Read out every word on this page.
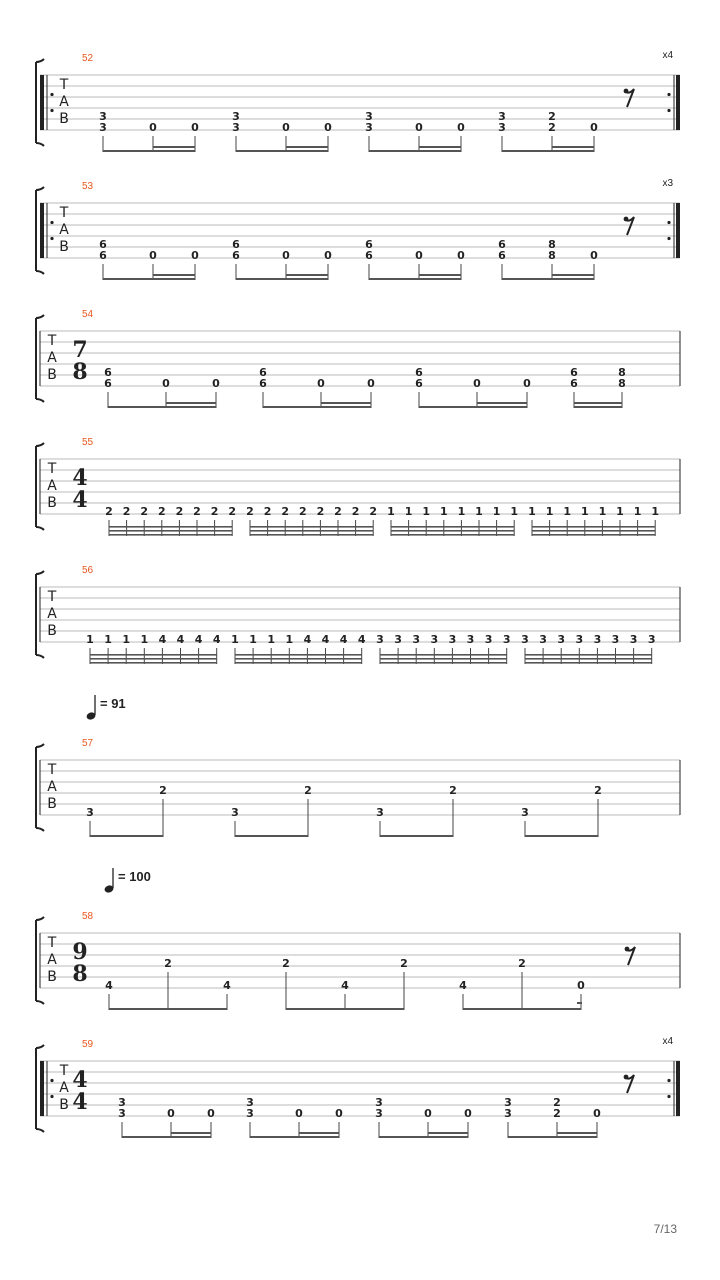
T
A
B
52	x4
3
3	0	0
3
3	0	0
3
3	0	0
3
3
2
2	0
T
A
B
53	x3
6
6	0	0
6
6	0	0
6
6	0	0
6
6
8
8	0
T
A
B
54
7
8 6
6	0	0
6
6	0	0
6
6	0	0
6
6
8
8
T
A
B
55
4
4 2 2 2 2 2 2 2 2 2 2 2 2 2 2 2 2 1 1 1 1 1 1 1 1 1 1 1 1 1 1 1 1
T
A
B
56
1 1 1 1 4 4 4 4 1 1 1 1 4 4 4 4 3 3 3 3 3 3 3 3 3 3 3 3 3 3 3 3
T
A
B
57
= 91
3
2
3
2
3
2
3
2
T
A
B
58
= 100
9
8 4
2
4
2
4
2
4
2
0
T
A
B
59	x4
4
4	3
3	0	0
3
3	0	0
3
3	0	0
3
3
2
2	0
7/13
